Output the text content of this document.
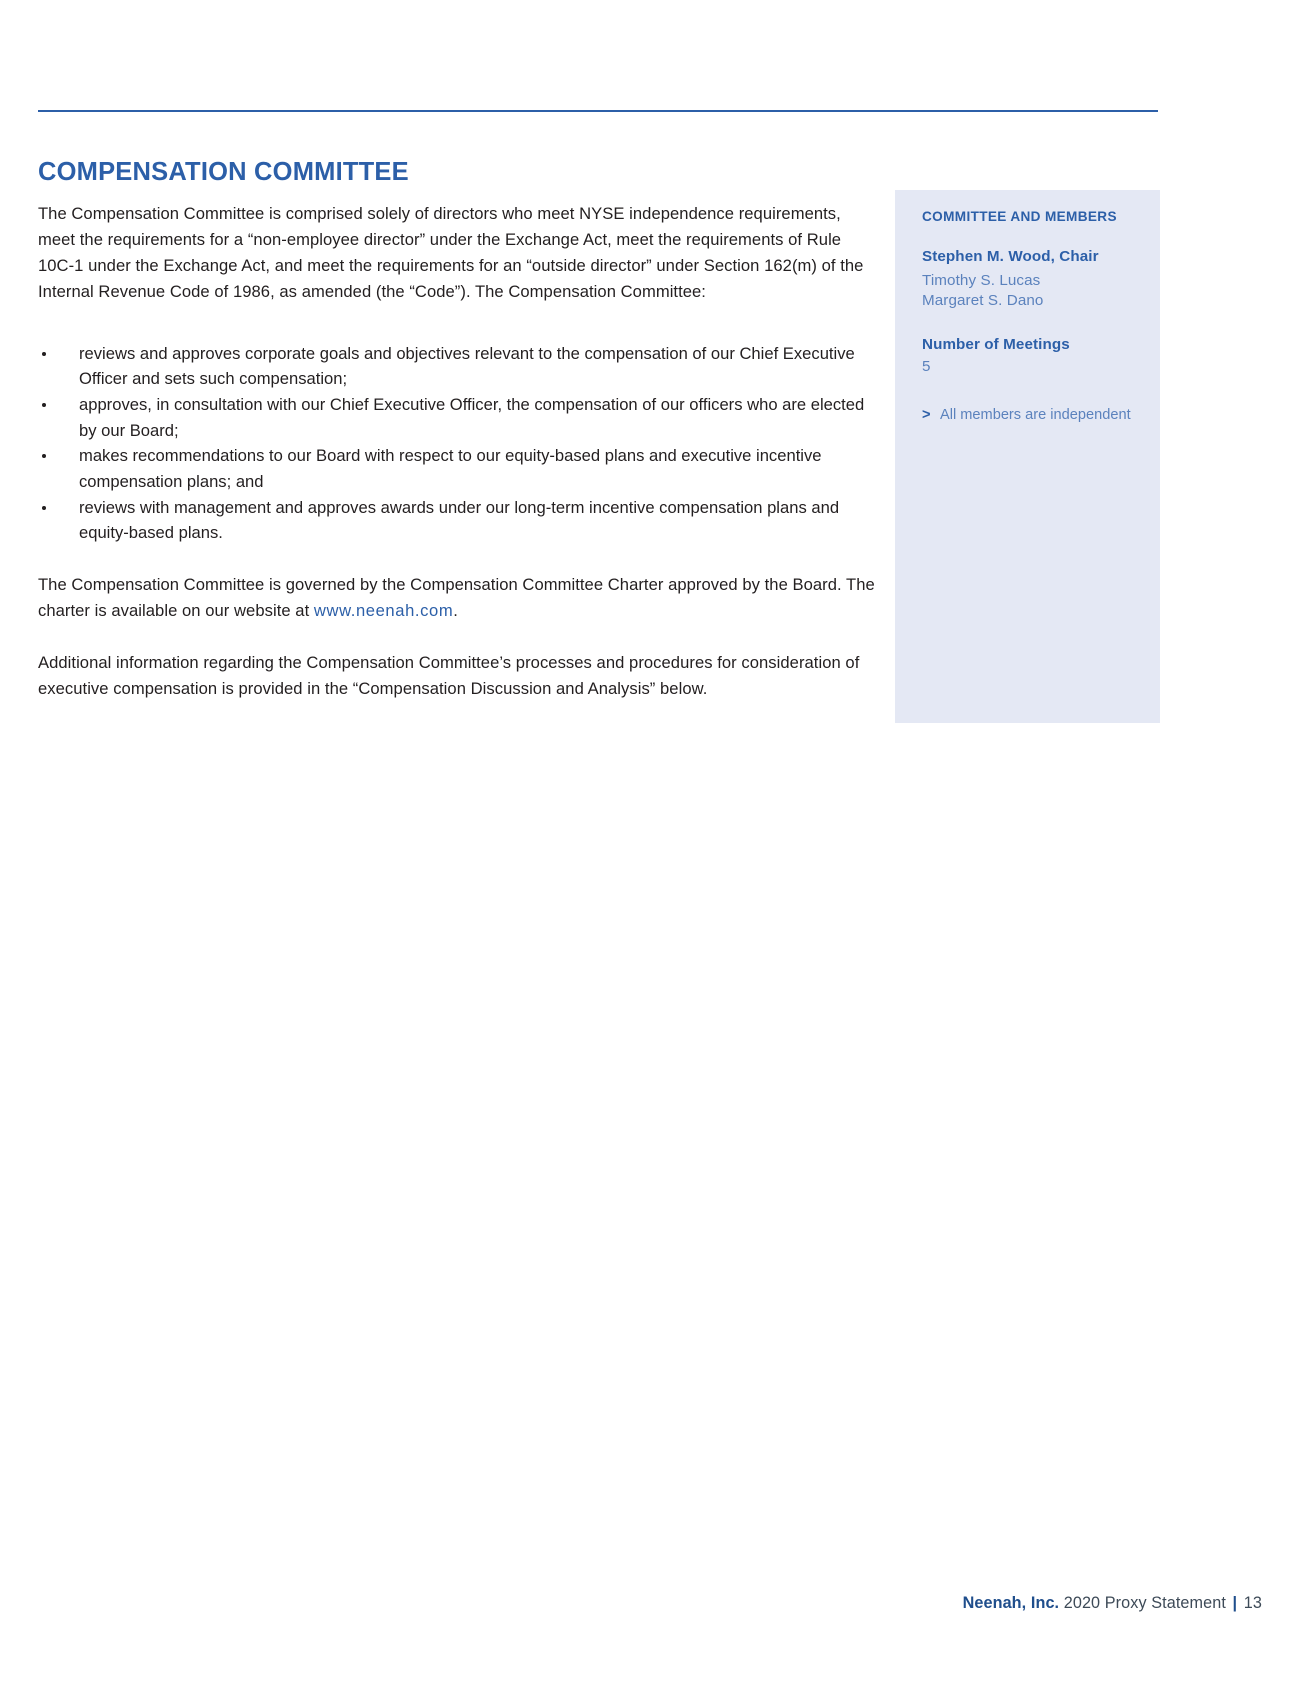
COMPENSATION COMMITTEE

The Compensation Committee is comprised solely of directors who meet NYSE independence requirements, meet the requirements for a “non-employee director” under the Exchange Act, meet the requirements of Rule 10C-1 under the Exchange Act, and meet the requirements for an “outside director” under Section 162(m) of the Internal Revenue Code of 1986, as amended (the “Code”). The Compensation Committee:

reviews and approves corporate goals and objectives relevant to the compensation of our Chief Executive Officer and sets such compensation;
approves, in consultation with our Chief Executive Officer, the compensation of our officers who are elected by our Board;
makes recommendations to our Board with respect to our equity-based plans and executive incentive compensation plans; and
reviews with management and approves awards under our long-term incentive compensation plans and equity-based plans.

The Compensation Committee is governed by the Compensation Committee Charter approved by the Board. The charter is available on our website at www.neenah.com.

Additional information regarding the Compensation Committee’s processes and procedures for consideration of executive compensation is provided in the “Compensation Discussion and Analysis” below.

COMMITTEE AND MEMBERS
Stephen M. Wood, Chair
Timothy S. Lucas
Margaret S. Dano
Number of Meetings
5
> All members are independent
Neenah, Inc. 2020 Proxy Statement | 13
